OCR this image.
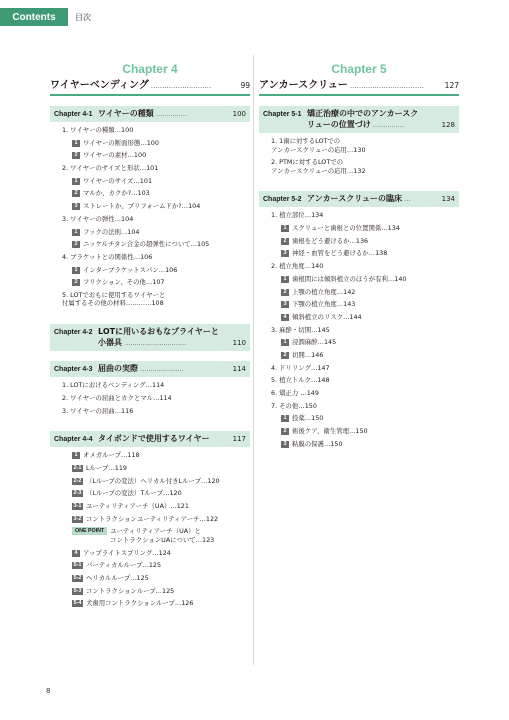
Contents	目次
Chapter 4
ワイヤーベンディング ………………………	99
Chapter 4-1 ワイヤーの種類 ……………	100
1. ワイヤーの種類…100
1 ワイヤーの断面形態…100
2 ワイヤーの素材…100
2. ワイヤーのサイズと形状…101
1 ワイヤーのサイズ…101
2 マルか、カクか?…103
3 ストレートか、プリフォームドか?…104
3. ワイヤーの弾性…104
1 フックの法則…104
2 ニッケルチタン合金の超弾性について…105
4. ブラケットとの関係性…106
1 インターブラケットスパン…106
2 フリクション、その他…107
5. LOTでおもに使用するワイヤーと
付属するその他の材料…………108
Chapter 4-2 LOTに用いるおもなプライヤーと
小器具 …………………………	110
Chapter 4-3 屈曲の実際 …………………	114
1. LOTにおけるベンディング…114
2. ワイヤーの屈曲とカクとマル…114
3. ワイヤーの屈曲…116
Chapter 4-4 タイボンドで使用するワイヤー	117
1 オメガループ…118
2-1 Lループ…119
2-2 （Lループの変法）ヘリカル付きLループ…120
2-3 （Lループの変法）Tループ…120
3-1 ユーティリティアーチ（UA）…121
3-2 コントラクションユーティリティアーチ…122
ONE POINT ユーティリティアーチ（UA）と
コントラクションUAについて…123
4 アップライトスプリング…124
5-1 バーティカルループ…125
5-2 ヘリカルループ…125
5-3 コントラクションループ…125
5-4 犬歯用コントラクションループ…126
Chapter 5
アンカースクリュー ……………………………	127
Chapter 5-1 矯正治療の中でのアンカースク
リューの位置づけ ……………	128
1. 1歯に対するLOTでの
アンカースクリューの応用…130
2. PTMに対するLOTでの
アンカースクリューの応用…132
Chapter 5-2 アンカースクリューの臨床 …	134
1. 植立部位…134
1 スクリューと歯根との位置関係…134
2 歯根をどう避けるか…136
3 神経・血管をどう避けるか…138
2. 植立角度…140
1 歯根間には傾斜植立のほうが有利…140
2 上顎の植立角度…142
3 下顎の植立角度…143
4 傾斜植立のリスク…144
3. 麻酔・切開…145
1 浸潤麻酔…145
2 切開…146
4. ドリリング…147
5. 植立トルク…148
6. 矯正力 …149
7. その他…150
1 投薬…150
2 術後ケア、衛生管理…150
3 粘膜の保護…150
8
